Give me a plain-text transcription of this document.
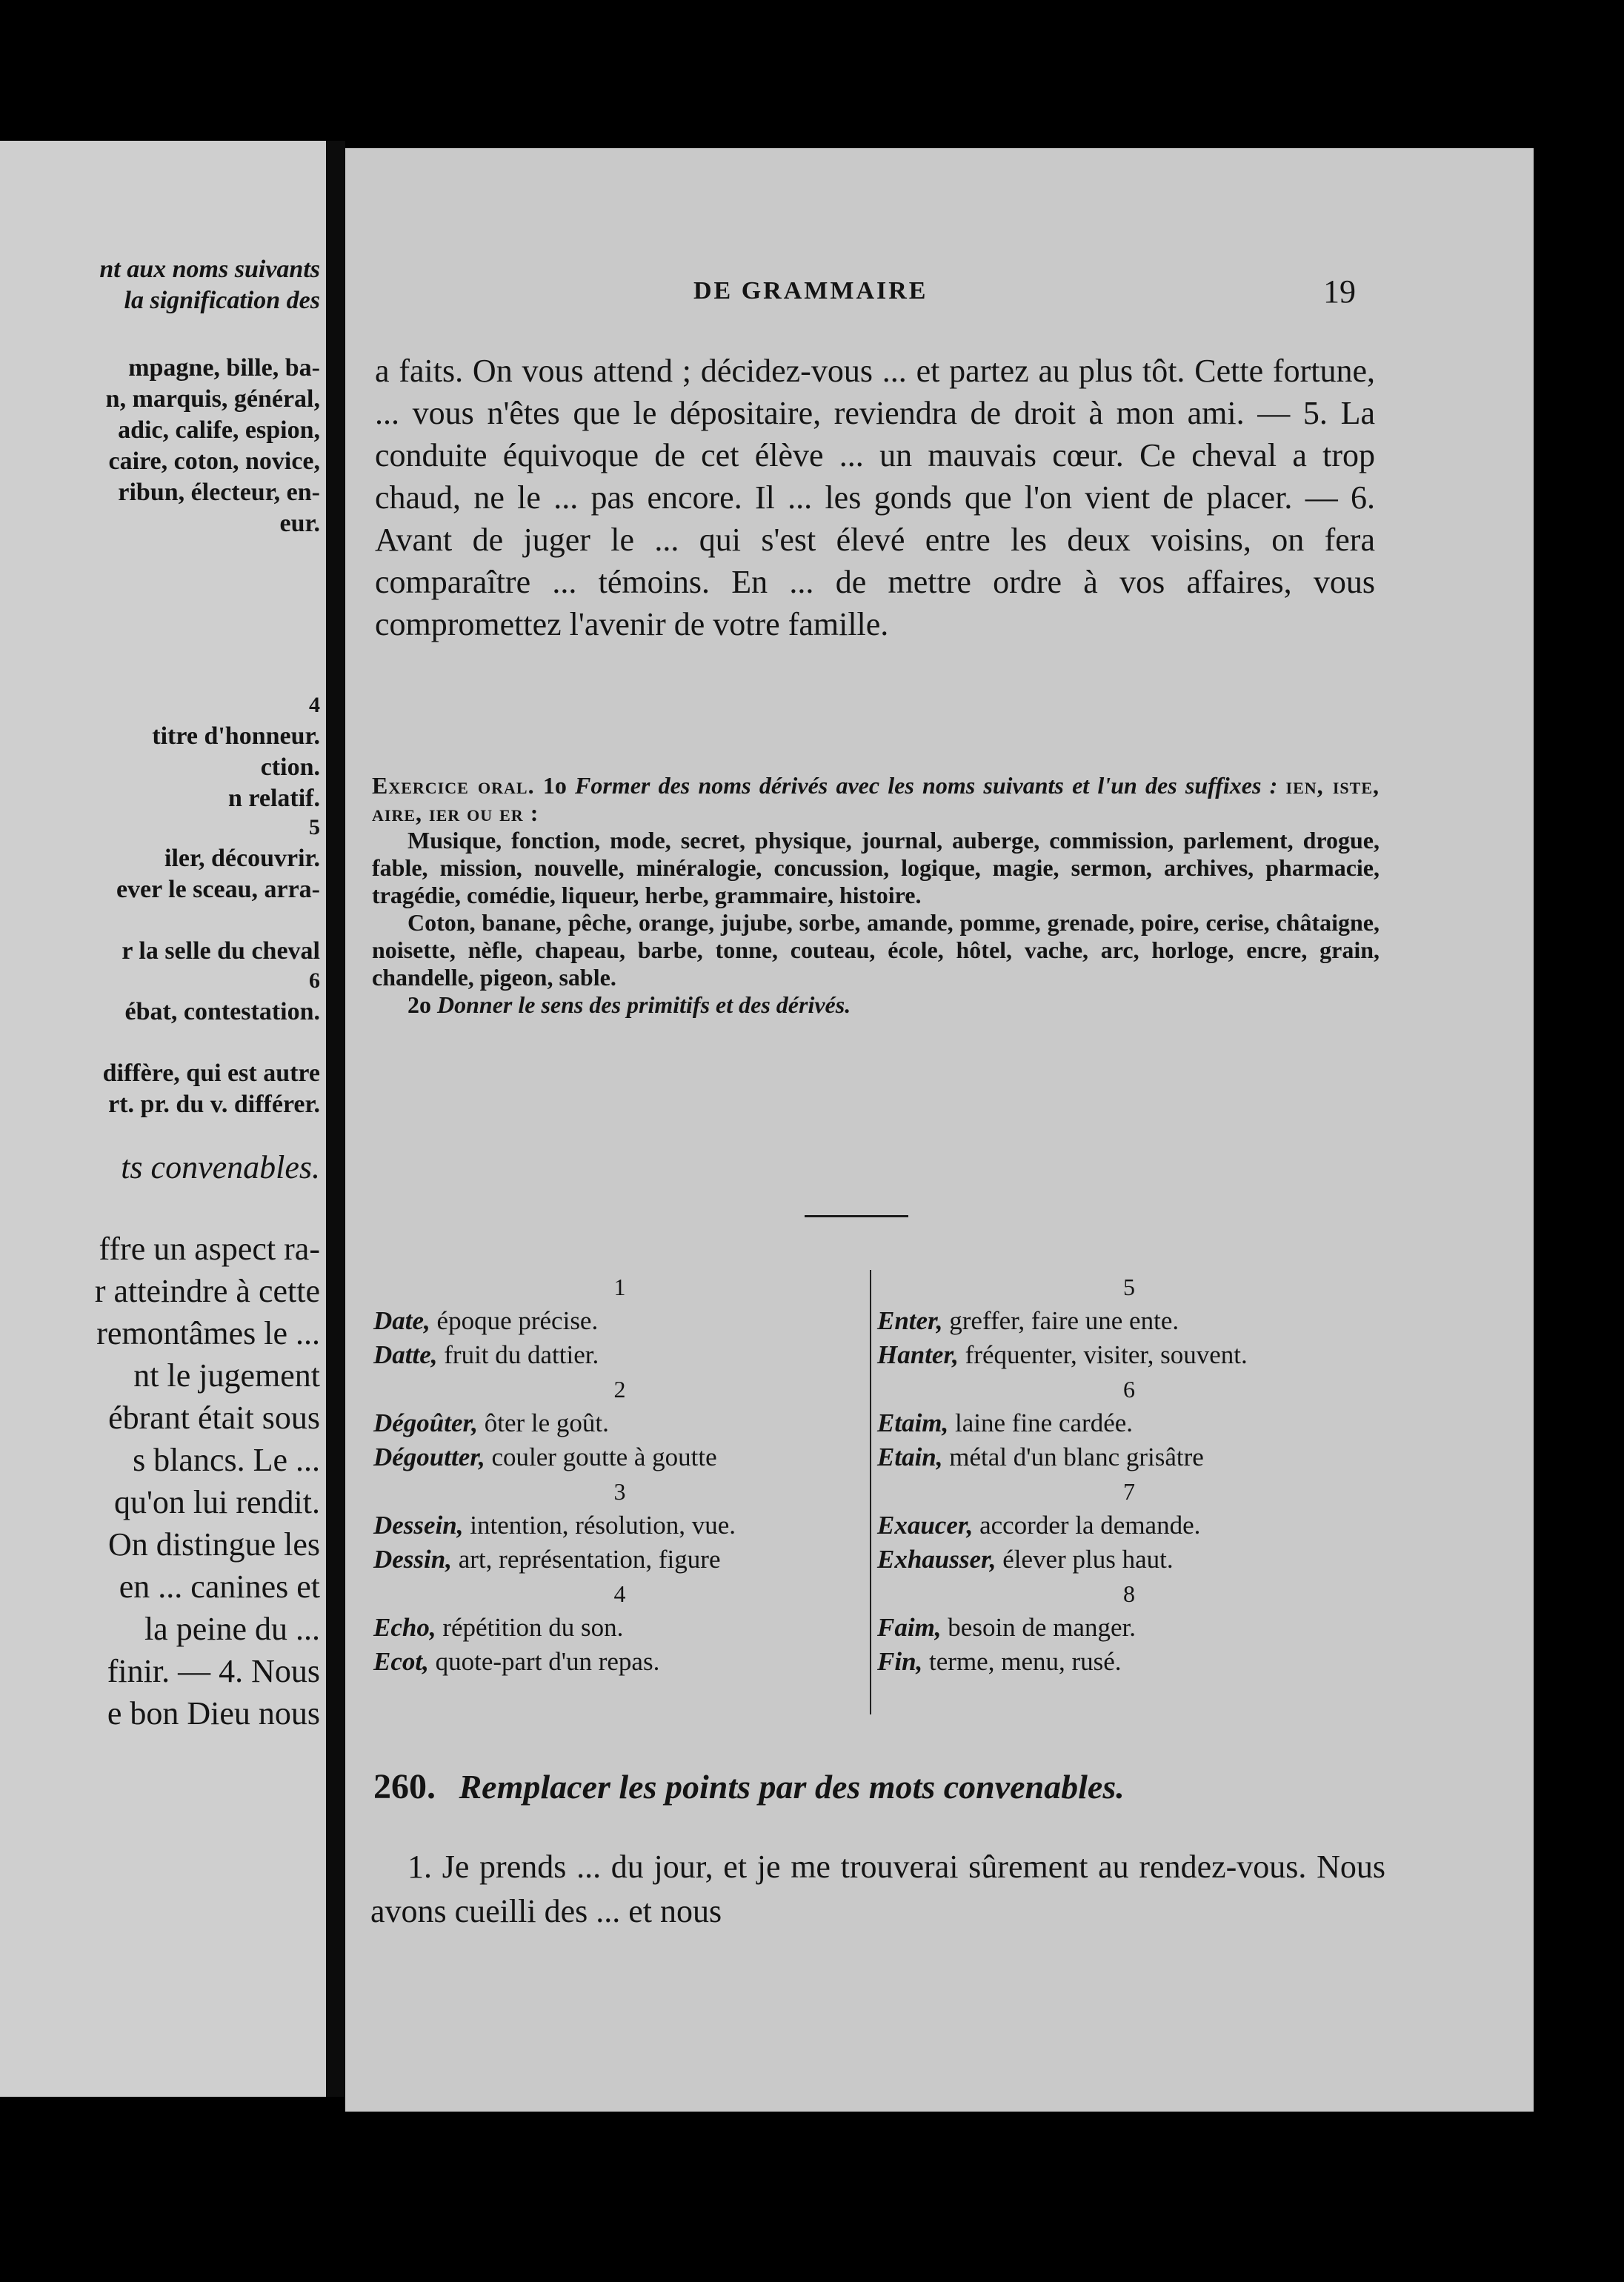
nt aux noms suivants
la signification des
mpagne, bille, ba-
n, marquis, général,
adic, calife, espion,
caire, coton, novice,
ribun, électeur, en-
eur.
4
titre d'honneur.
ction.
n relatif.
5
iler, découvrir.
ever le sceau, arra-
r la selle du cheval
6
ébat, contestation.
diffère, qui est autre
rt. pr. du v. différer.
ts convenables.
ffre un aspect ra-
r atteindre à cette
remontâmes le ...
nt le jugement
ébrant était sous
s blancs. Le ...
qu'on lui rendit.
On distingue les
en ... canines et
la peine du ...
finir. — 4. Nous
e bon Dieu nous
DE GRAMMAIRE	19

a faits. On vous attend ; décidez-vous ... et partez au plus tôt. Cette fortune, ... vous n'êtes que le dépositaire, reviendra de droit à mon ami. — 5. La conduite équivoque de cet élève ... un mauvais cœur. Ce cheval a trop chaud, ne le ... pas encore. Il ... les gonds que l'on vient de placer. — 6. Avant de juger le ... qui s'est élevé entre les deux voisins, on fera comparaître ... témoins. En ... de mettre ordre à vos affaires, vous compromettez l'avenir de votre famille.

Exercice oral. 1o Former des noms dérivés avec les noms suivants et l'un des suffixes : ien, iste, aire, ier ou er :

Musique, fonction, mode, secret, physique, journal, auberge, commission, parlement, drogue, fable, mission, nouvelle, minéralogie, concussion, logique, magie, sermon, archives, pharmacie, tragédie, comédie, liqueur, herbe, grammaire, histoire.

Coton, banane, pêche, orange, jujube, sorbe, amande, pomme, grenade, poire, cerise, châtaigne, noisette, nèfle, chapeau, barbe, tonne, couteau, école, hôtel, vache, arc, horloge, encre, grain, chandelle, pigeon, sable.

2o Donner le sens des primitifs et des dérivés.

1
Date, époque précise.
Datte, fruit du dattier.
2
Dégoûter, ôter le goût.
Dégoutter, couler goutte à goutte
3
Dessein, intention, résolution, vue.
Dessin, art, représentation, figure
4
Echo, répétition du son.
Ecot, quote-part d'un repas.
5
Enter, greffer, faire une ente.
Hanter, fréquenter, visiter, souvent.
6
Etaim, laine fine cardée.
Etain, métal d'un blanc grisâtre
7
Exaucer, accorder la demande.
Exhausser, élever plus haut.
8
Faim, besoin de manger.
Fin, terme, menu, rusé.
260. Remplacer les points par des mots convenables.

1. Je prends ... du jour, et je me trouverai sûrement au rendez-vous. Nous avons cueilli des ... et nous
